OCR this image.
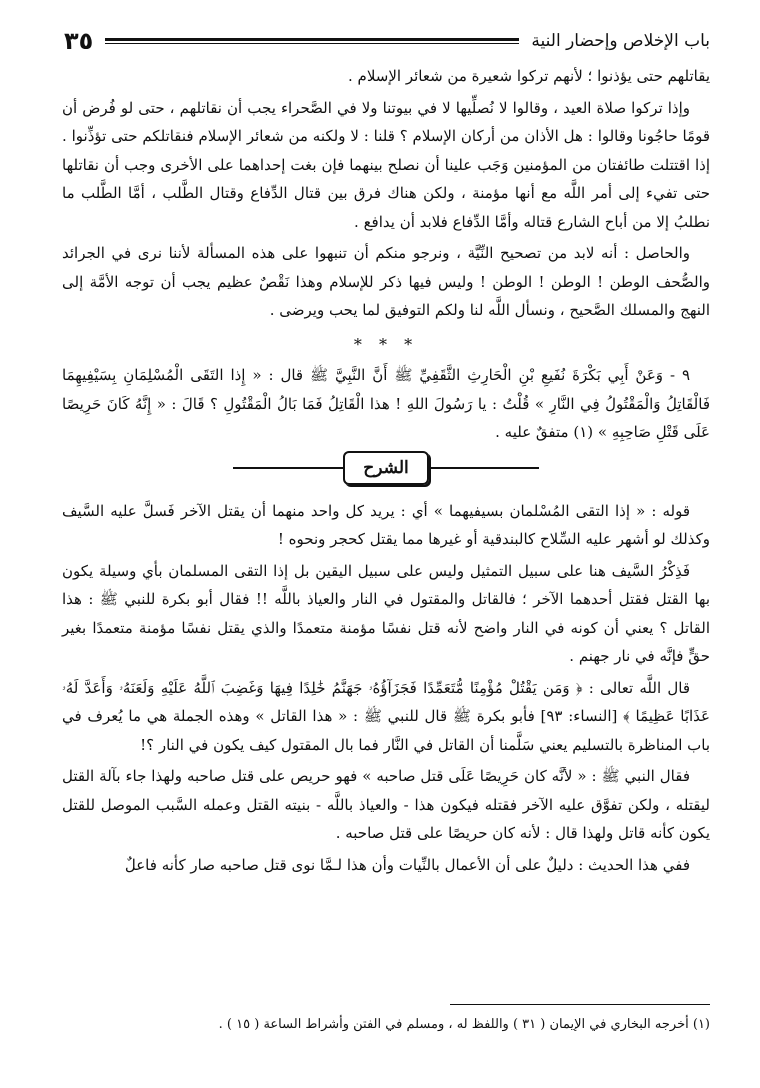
باب الإخلاص وإحضار النية
٣٥

يقاتلهم حتى يؤذنوا ؛ لأنهم تركوا شعيرة من شعائر الإسلام .

وإذا تركوا صلاة العيد ، وقالوا لا نُصلِّيها لا في بيوتنا ولا في الصَّحراء يجب أن نقاتلهم ، حتى لو فُرض أن قومًا حاجُونا وقالوا : هل الأذان من أركان الإسلام ؟ قلنا : لا ولكنه من شعائر الإسلام فنقاتلكم حتى تؤذِّنوا . إذا اقتتلت طائفتان من المؤمنين وَجَب علينا أن نصلح بينهما فإن بغت إحداهما على الأخرى وجب أن نقاتلها حتى تفيء إلى أمر اللَّه مع أنها مؤمنة ، ولكن هناك فرق بين قتال الدِّفاع وقتال الطَّلب ، أمَّا الطَّلب ما نطلبُ إلا من أباح الشارع قتاله وأمَّا الدِّفاع فلابد أن يدافع .

والحاصل : أنه لابد من تصحيح النِّيَّة ، ونرجو منكم أن تنبهوا على هذه المسألة لأننا نرى في الجرائد والصُّحف الوطن ! الوطن ! الوطن ! وليس فيها ذكر للإسلام وهذا نَقْصٌ عظيم يجب أن توجه الأمَّة إلى النهج والمسلك الصَّحيح ، ونسأل اللَّه لنا ولكم التوفيق لما يحب ويرضى .

* * *

٩ - وَعَنْ أَبِي بَكْرَةَ نُفَيعِ بْنِ الْحَارِثِ الثَّقَفِيِّ ﷺ أَنَّ النَّبِيَّ ﷺ قال : « إِذا التَقَى الْمُسْلِمَانِ بِسَيْفِيهِمَا فَالْقَاتِلُ وَالْمَقْتُولُ فِي النَّارِ » قُلْتُ : يا رَسُولَ اللهِ ! هذا الْقَاتِلُ فَمَا بَالُ الْمَقْتُولِ ؟ قَالَ : « إِنَّهُ كَانَ حَرِيصًا عَلَى قَتْلِ صَاحِبِهِ » (١) متفقٌ عليه .

الشرح

قوله : « إذا التقى المُسْلمان بسيفيهما » أي : يريد كل واحد منهما أن يقتل الآخر فَسلَّ عليه السَّيف وكذلك لو أشهر عليه السِّلاح كالبندقية أو غيرها مما يقتل كحجر ونحوه !

فَذِكْرُ السَّيف هنا على سبيل التمثيل وليس على سبيل اليقين بل إذا التقى المسلمان بأي وسيلة يكون بها القتل فقتل أحدهما الآخر ؛ فالقاتل والمقتول في النار والعياذ باللَّه !! فقال أبو بكرة للنبي ﷺ : هذا القاتل ؟ يعني أن كونه في النار واضح لأنه قتل نفسًا مؤمنة متعمدًا والذي يقتل نفسًا مؤمنة متعمدًا بغير حقٍّ فإنَّه في نار جهنم .

قال اللَّه تعالى : ﴿ وَمَن يَقْتُلْ مُؤْمِنًا مُّتَعَمِّدًا فَجَزَآؤُهُۥ جَهَنَّمُ خَٰلِدًا فِيهَا وَغَضِبَ ٱللَّهُ عَلَيْهِ وَلَعَنَهُۥ وَأَعَدَّ لَهُۥ عَذَابًا عَظِيمًا ﴾ [النساء: ٩٣] فأبو بكرة ﷺ قال للنبي ﷺ : « هذا القاتل » وهذه الجملة هي ما يُعرف في باب المناظرة بالتسليم يعني سَلَّمنا أن القاتل في النَّار فما بال المقتول كيف يكون في النار ؟!

فقال النبي ﷺ : « لأنَّه كان حَرِيصًا عَلَى قتل صاحبه » فهو حريص على قتل صاحبه ولهذا جاء بآلة القتل ليقتله ، ولكن تفوَّق عليه الآخر فقتله فيكون هذا - والعياذ باللَّه - بنيته القتل وعمله السَّبب الموصل للقتل يكون كأنه قاتل ولهذا قال : لأنه كان حريصًا على قتل صاحبه .

ففي هذا الحديث : دليلٌ على أن الأعمال بالنِّيات وأن هذا لـمَّا نوى قتل صاحبه صار كأنه فاعلٌ

(١) أخرجه البخاري في الإيمان ( ٣١ ) واللفظ له ، ومسلم في الفتن وأشراط الساعة ( ١٥ ) .
